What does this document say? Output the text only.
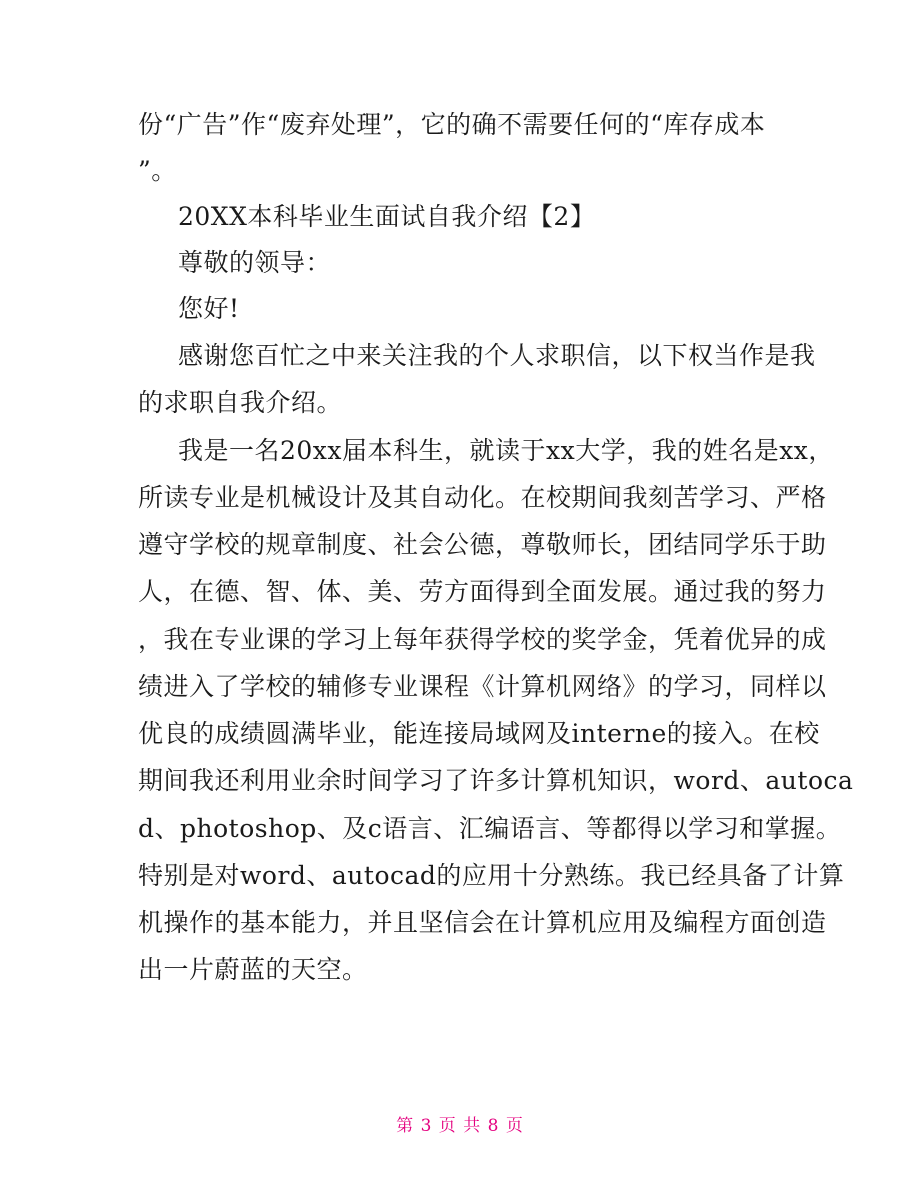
份“广告”作“废弃处理”，它的确不需要任何的“库存成本
”。
20XX本科毕业生面试自我介绍【2】
尊敬的领导：
您好!
感谢您百忙之中来关注我的个人求职信，以下权当作是我
的求职自我介绍。
我是一名20xx届本科生，就读于xx大学，我的姓名是xx，
所读专业是机械设计及其自动化。在校期间我刻苦学习、严格
遵守学校的规章制度、社会公德，尊敬师长，团结同学乐于助
人，在德、智、体、美、劳方面得到全面发展。通过我的努力
，我在专业课的学习上每年获得学校的奖学金，凭着优异的成
绩进入了学校的辅修专业课程《计算机网络》的学习，同样以
优良的成绩圆满毕业，能连接局域网及interne的接入。在校
期间我还利用业余时间学习了许多计算机知识，word、autoca
d、photoshop、及c语言、汇编语言、等都得以学习和掌握。
特别是对word、autocad的应用十分熟练。我已经具备了计算
机操作的基本能力，并且坚信会在计算机应用及编程方面创造
出一片蔚蓝的天空。
第 3 页 共 8 页
